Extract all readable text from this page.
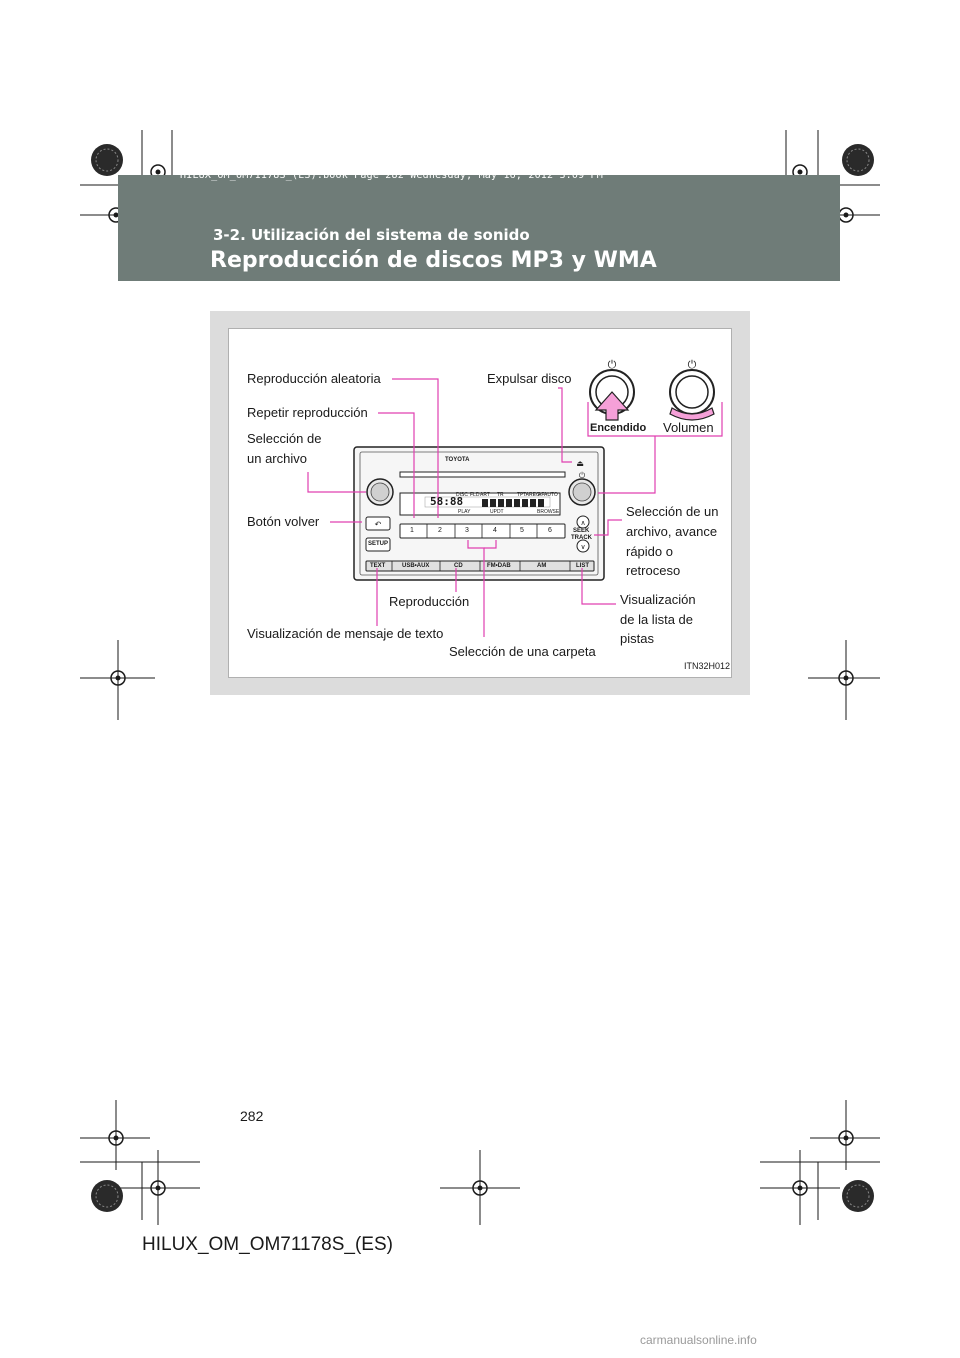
HILUX_OM_OM71178S_(ES).book Page 282 Wednesday, May 16, 2012 3:09 PM
3-2. Utilización del sistema de sonido
Reproducción de discos MP3 y WMA
⏏
⏻
↶	∧
∨
⏻	⏻
TOYOTA
58:88
SETUP
SEEK
TRACK
1	2	3	4	5	6
TEXT	USB•AUX	CD	FM•DAB	AM	LIST
DISC FLD ART TR	TP TA REG
AF AUTO
PLAY	UPDT	BROWSE
Reproducción aleatoria	Expulsar disco
Repetir reproducción
Selección de
un archivo
Botón volver
Selección de un
archivo, avance
rápido o
retroceso
Reproducción	Visualización
de la lista de
pistas
Visualización de mensaje de texto
Selección de una carpeta
Encendido Volumen
ITN32H012
282
HILUX_OM_OM71178S_(ES)
carmanualsonline.info
